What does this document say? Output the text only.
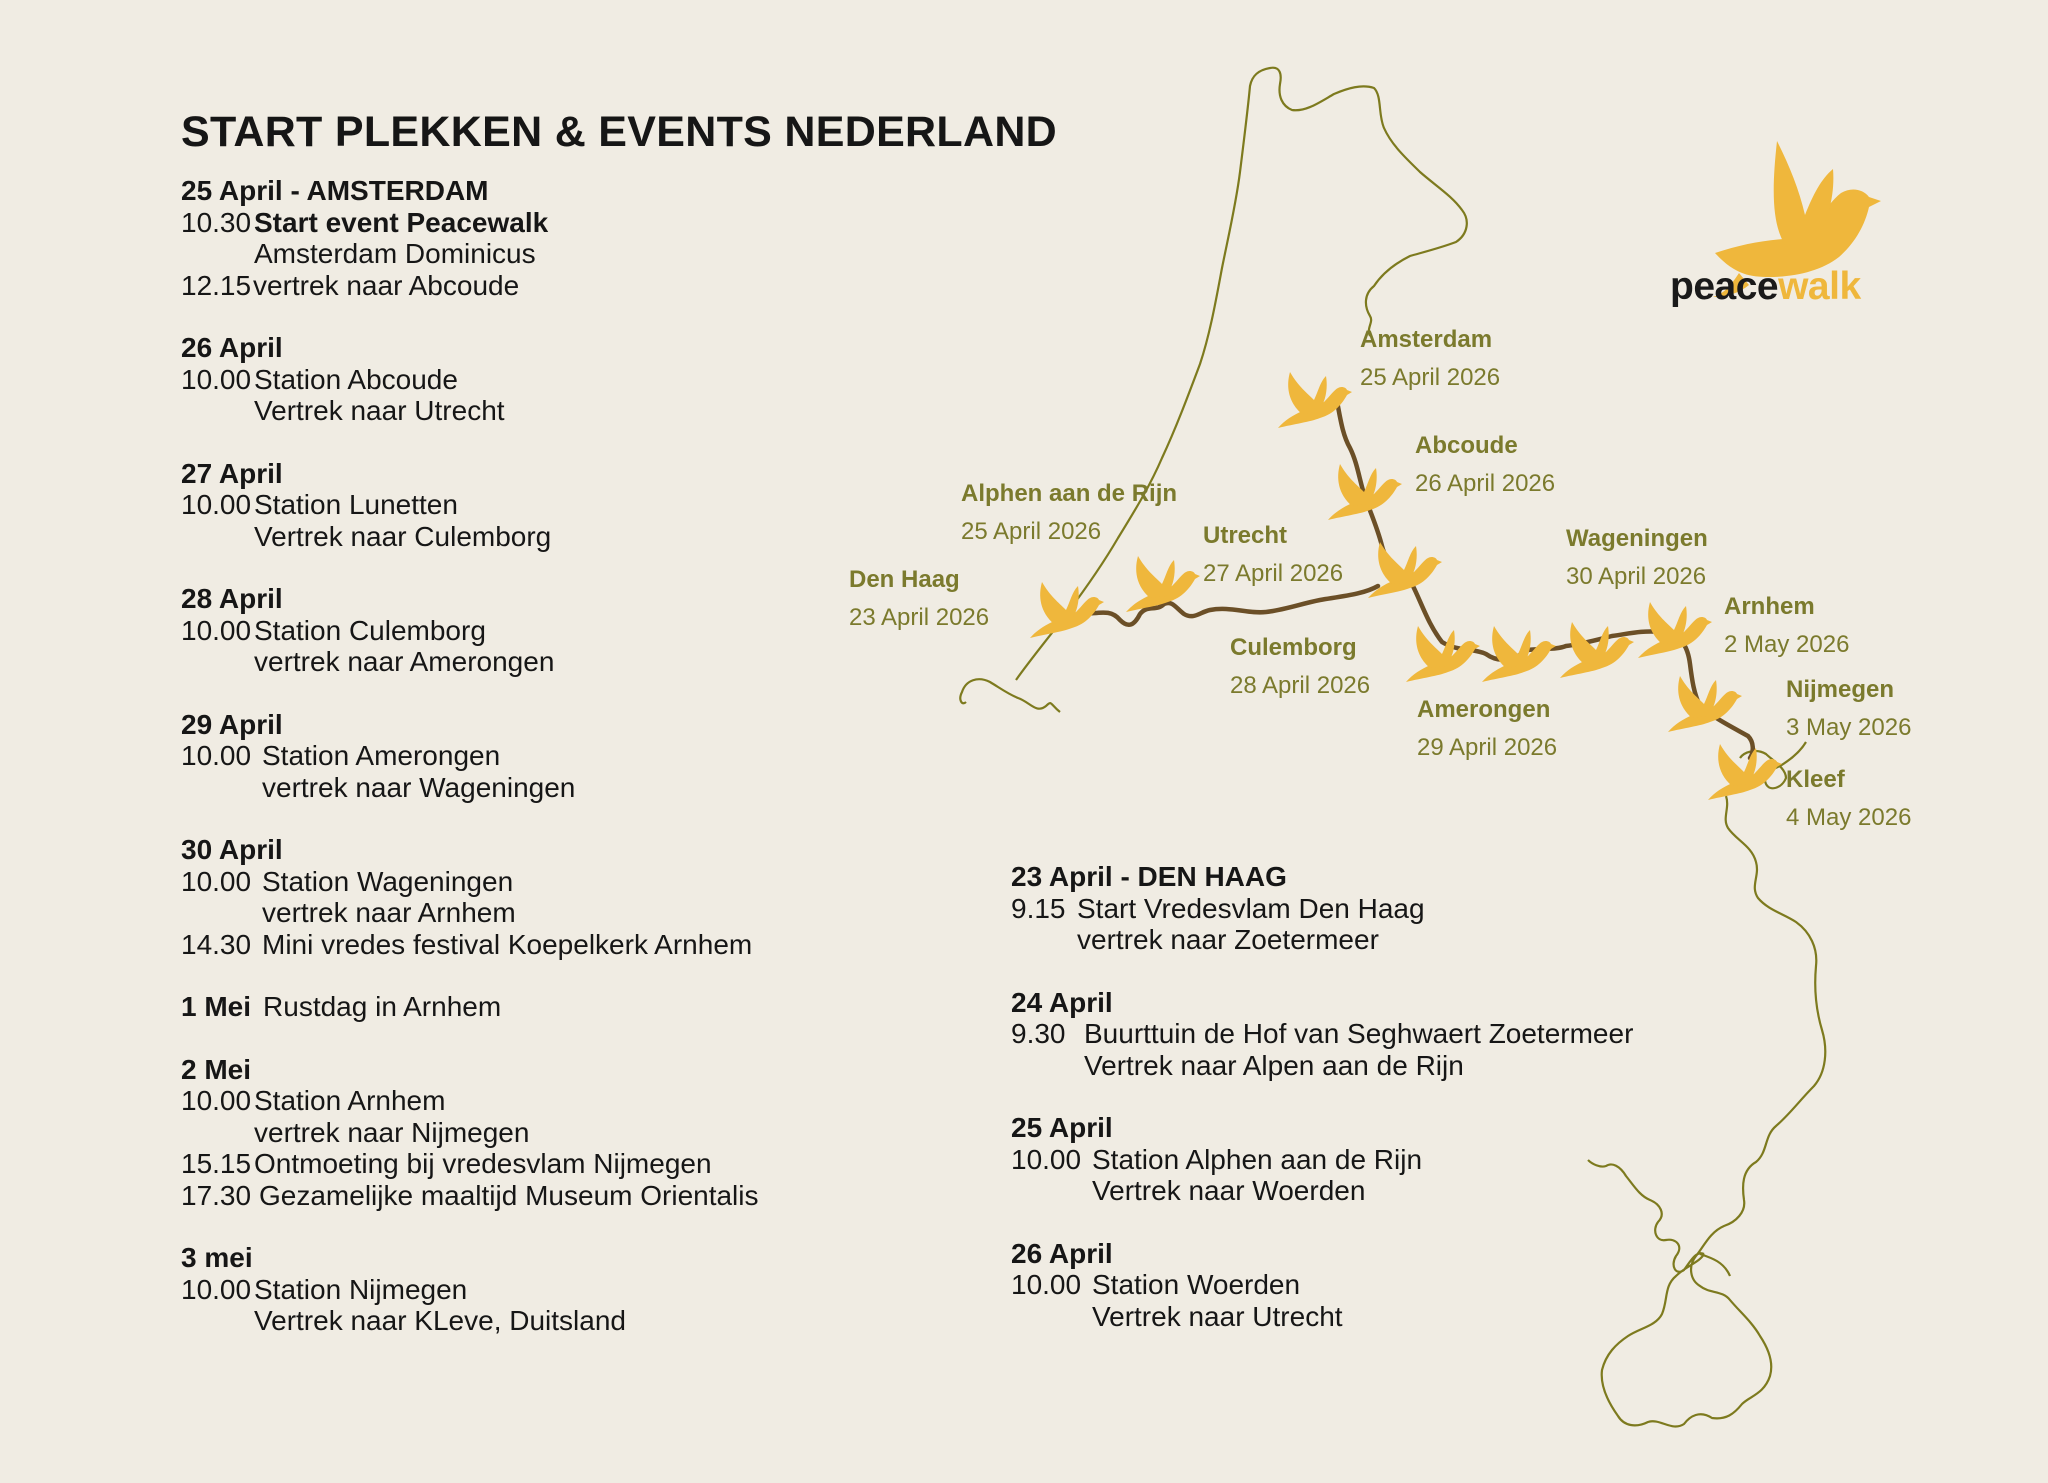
peacewalk
START PLEKKEN & EVENTS NEDERLAND
25 April - AMSTERDAM
10.30 Start event Peacewalk
Amsterdam Dominicus
12.15 vertrek naar Abcoude
26 April
10.00 Station Abcoude
Vertrek naar Utrecht
27 April
10.00 Station Lunetten
Vertrek naar Culemborg
28 April
10.00 Station Culemborg
vertrek naar Amerongen
29 April
10.00 Station Amerongen
vertrek naar Wageningen
30 April
10.00 Station Wageningen
vertrek naar Arnhem
14.30 Mini vredes festival Koepelkerk Arnhem
1 Mei Rustdag in Arnhem
2 Mei
10.00 Station Arnhem
vertrek naar Nijmegen
15.15 Ontmoeting bij vredesvlam Nijmegen
17.30 Gezamelijke maaltijd Museum Orientalis
3 mei
10.00 Station Nijmegen
Vertrek naar KLeve, Duitsland
23 April - DEN HAAG
9.15 Start Vredesvlam Den Haag
vertrek naar Zoetermeer
24 April
9.30 Buurttuin de Hof van Seghwaert Zoetermeer
Vertrek naar Alpen aan de Rijn
25 April
10.00 Station Alphen aan de Rijn
Vertrek naar Woerden
26 April
10.00 Station Woerden
Vertrek naar Utrecht
Amsterdam
25 April 2026
Abcoude
26 April 2026
Alphen aan de Rijn
25 April 2026	Utrecht
27 April 2026
Den Haag
23 April 2026
Culemborg
28 April 2026
Amerongen
29 April 2026
Wageningen
30 April 2026
Arnhem
2 May 2026
Nijmegen
3 May 2026
Kleef
4 May 2026
